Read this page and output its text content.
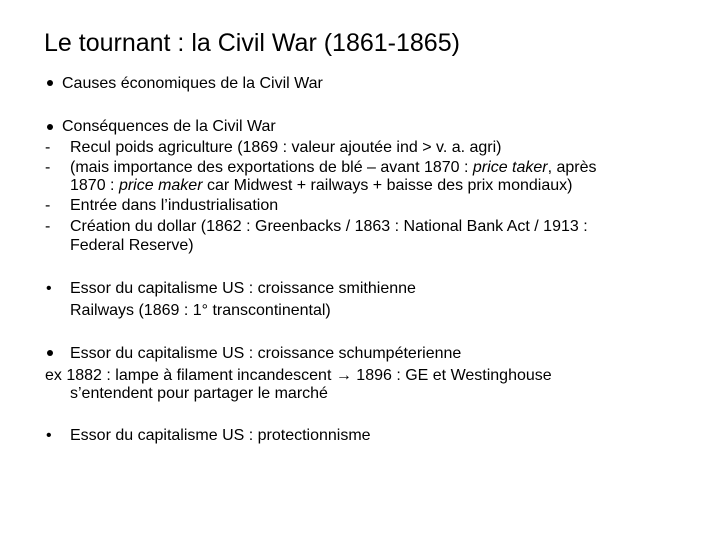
Le tournant : la Civil War (1861-1865)
Causes économiques de la Civil War
Conséquences de la Civil War
- Recul poids agriculture (1869 : valeur ajoutée ind > v. a. agri)
- (mais importance des exportations de blé – avant 1870 : price taker, après
1870 : price maker car Midwest + railways + baisse des prix mondiaux)
- Entrée dans l’industrialisation
- Création du dollar (1862 : Greenbacks / 1863 : National Bank Act / 1913 :
Federal Reserve)
• Essor du capitalisme US : croissance smithienne
Railways (1869 : 1° transcontinental)
Essor du capitalisme US : croissance schumpéterienne
ex 1882 : lampe à filament incandescent → 1896 : GE et Westinghouse
s’entendent pour partager le marché
• Essor du capitalisme US : protectionnisme
